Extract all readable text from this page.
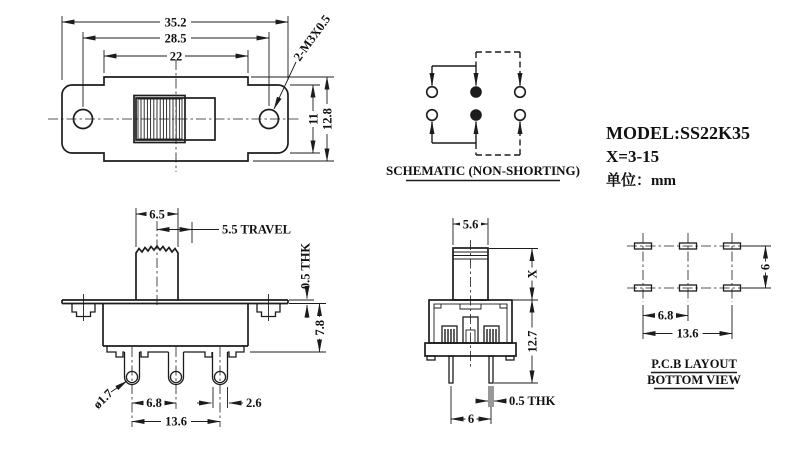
35.2
28.5
22
11 12.8
2-M3X0.5
SCHEMATIC (NON-SHORTING)
MODEL:SS22K35
X=3-15
单位：mm
6.5
5.5 TRAVEL
ø1.7 6.8	2.6
13.6
0.5 THK
7.8
5.6
X
12.7
0.5 THK
6
6
6.8
13.6
P.C.B LAYOUT
BOTTOM VIEW
